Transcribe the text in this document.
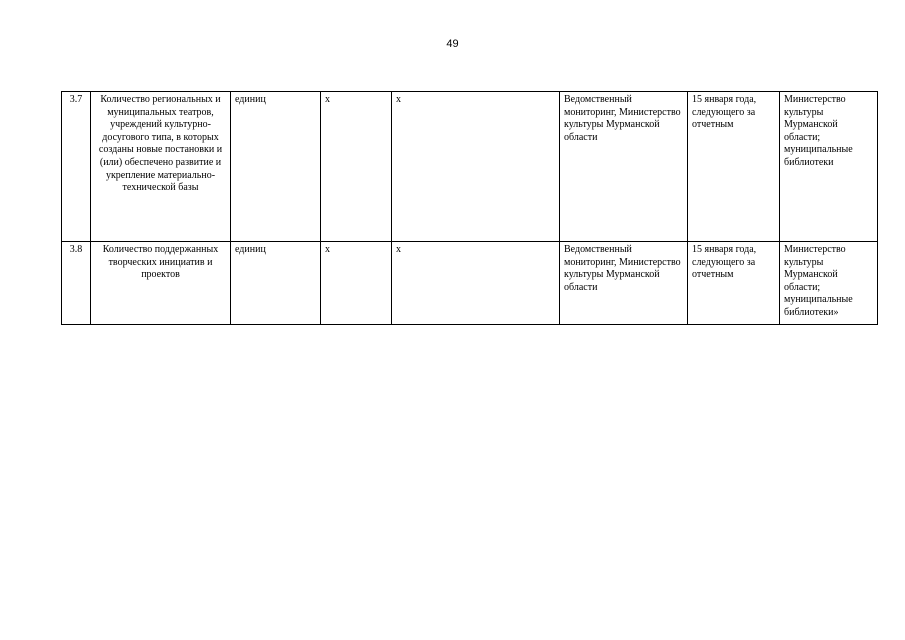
49
3.7	Количество региональных и муниципальных театров, учреждений культурно-досугового типа, в которых созданы новые постановки и (или) обеспечено развитие и укрепление материально-технической базы	единиц	x	x	Ведомственный мониторинг, Министерство культуры Мурманской области	15 января года, следующего за отчетным	Министерство культуры Мурманской области; муниципальные библиотеки
3.8	Количество поддержанных творческих инициатив и проектов	единиц	x	x	Ведомственный мониторинг, Министерство культуры Мурманской области	15 января года, следующего за отчетным	Министерство культуры Мурманской области; муниципальные библиотеки»
